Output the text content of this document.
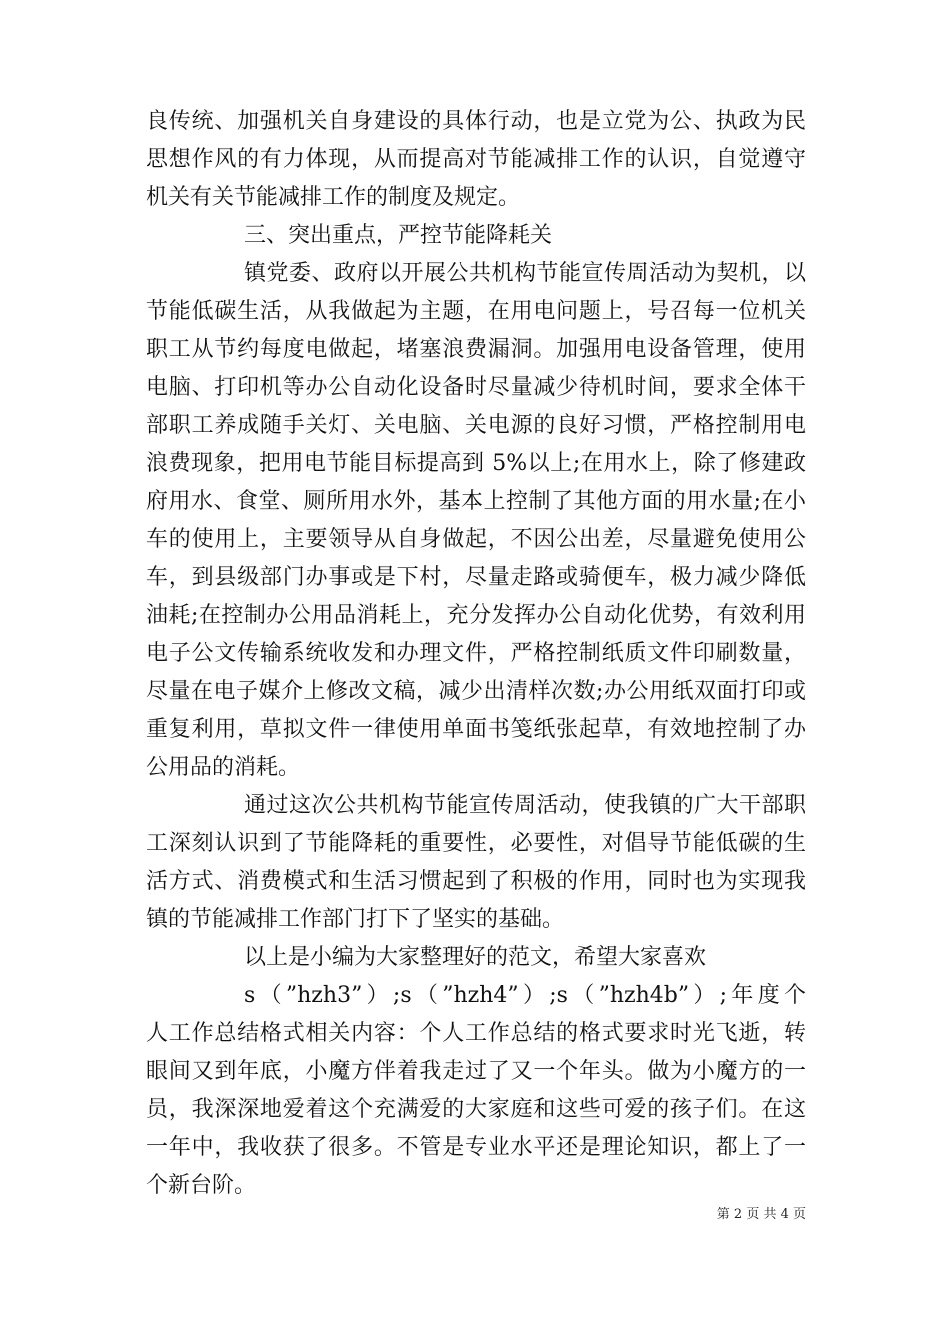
良传统、加强机关自身建设的具体行动，也是立党为公、执政为民
思想作风的有力体现，从而提高对节能减排工作的认识，自觉遵守
机关有关节能减排工作的制度及规定。
三、突出重点，严控节能降耗关
镇党委、政府以开展公共机构节能宣传周活动为契机，以
节能低碳生活，从我做起为主题，在用电问题上，号召每一位机关
职工从节约每度电做起，堵塞浪费漏洞。加强用电设备管理，使用
电脑、打印机等办公自动化设备时尽量减少待机时间，要求全体干
部职工养成随手关灯、关电脑、关电源的良好习惯，严格控制用电
浪费现象，把用电节能目标提高到 5%以上;在用水上，除了修建政
府用水、食堂、厕所用水外，基本上控制了其他方面的用水量;在小
车的使用上，主要领导从自身做起，不因公出差，尽量避免使用公
车，到县级部门办事或是下村，尽量走路或骑便车，极力减少降低
油耗;在控制办公用品消耗上，充分发挥办公自动化优势，有效利用
电子公文传输系统收发和办理文件，严格控制纸质文件印刷数量，
尽量在电子媒介上修改文稿，减少出清样次数;办公用纸双面打印或
重复利用，草拟文件一律使用单面书笺纸张起草，有效地控制了办
公用品的消耗。
通过这次公共机构节能宣传周活动，使我镇的广大干部职
工深刻认识到了节能降耗的重要性，必要性，对倡导节能低碳的生
活方式、消费模式和生活习惯起到了积极的作用，同时也为实现我
镇的节能减排工作部门打下了坚实的基础。
以上是小编为大家整理好的范文，希望大家喜欢
s（”hzh3”）;s（”hzh4”）;s（”hzh4b”）;年度个
人工作总结格式相关内容：个人工作总结的格式要求时光飞逝，转
眼间又到年底，小魔方伴着我走过了又一个年头。做为小魔方的一
第 2 页 共 4 页
员，我深深地爱着这个充满爱的大家庭和这些可爱的孩子们。在这
一年中，我收获了很多。不管是专业水平还是理论知识，都上了一
个新台阶。
